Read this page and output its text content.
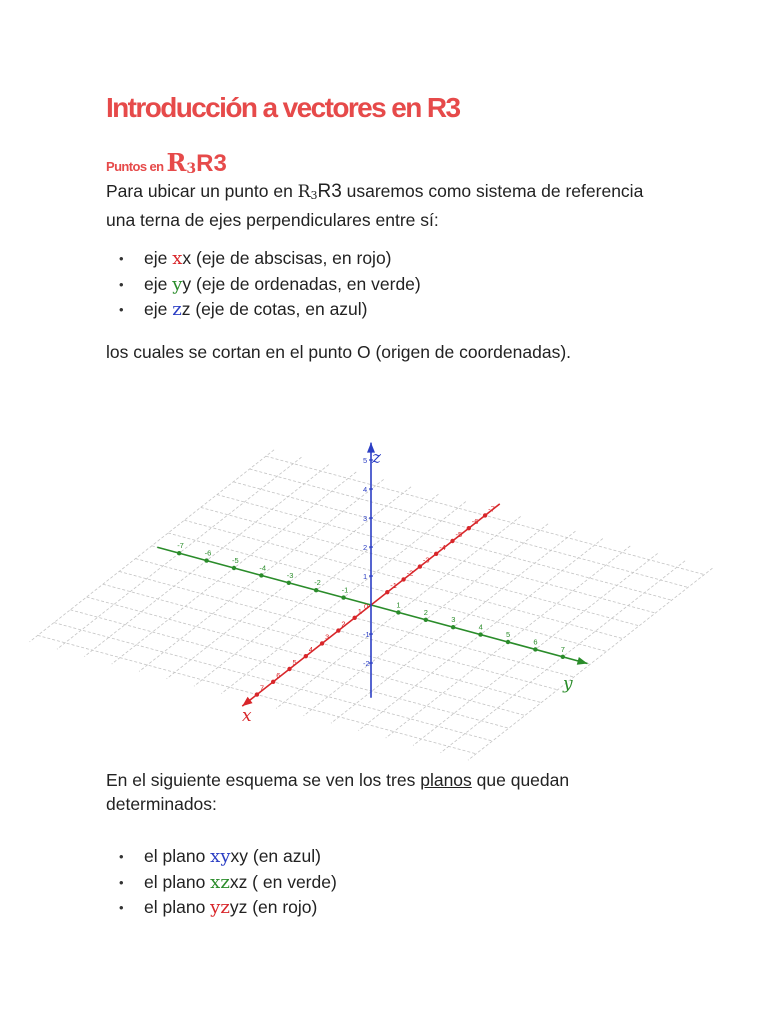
Introducción a vectores en R3
Puntos en $R_3R3$

Para ubicar un punto en $R_3R3$ usaremos como sistema de referencia una terna de ejes perpendiculares entre sí:

• eje xx (eje de abscisas, en rojo)
• eje yy (eje de ordenadas, en verde)
• eje zz (eje de cotas, en azul)

los cuales se cortan en el punto O (origen de coordenadas).

1
2
3
4
5
6
7
-1
-2
-3
-4
-5
-6
-7
1
2
3
4
5
6
7
-1
-2
-3
-4
-5
-6
-7
1
2
3
4
5
-1
-2
z
y
x
0

En el siguiente esquema se ven los tres planos que quedan determinados:

• el plano xyxy (en azul)
• el plano xzxz ( en verde)
• el plano yzyz (en rojo)
